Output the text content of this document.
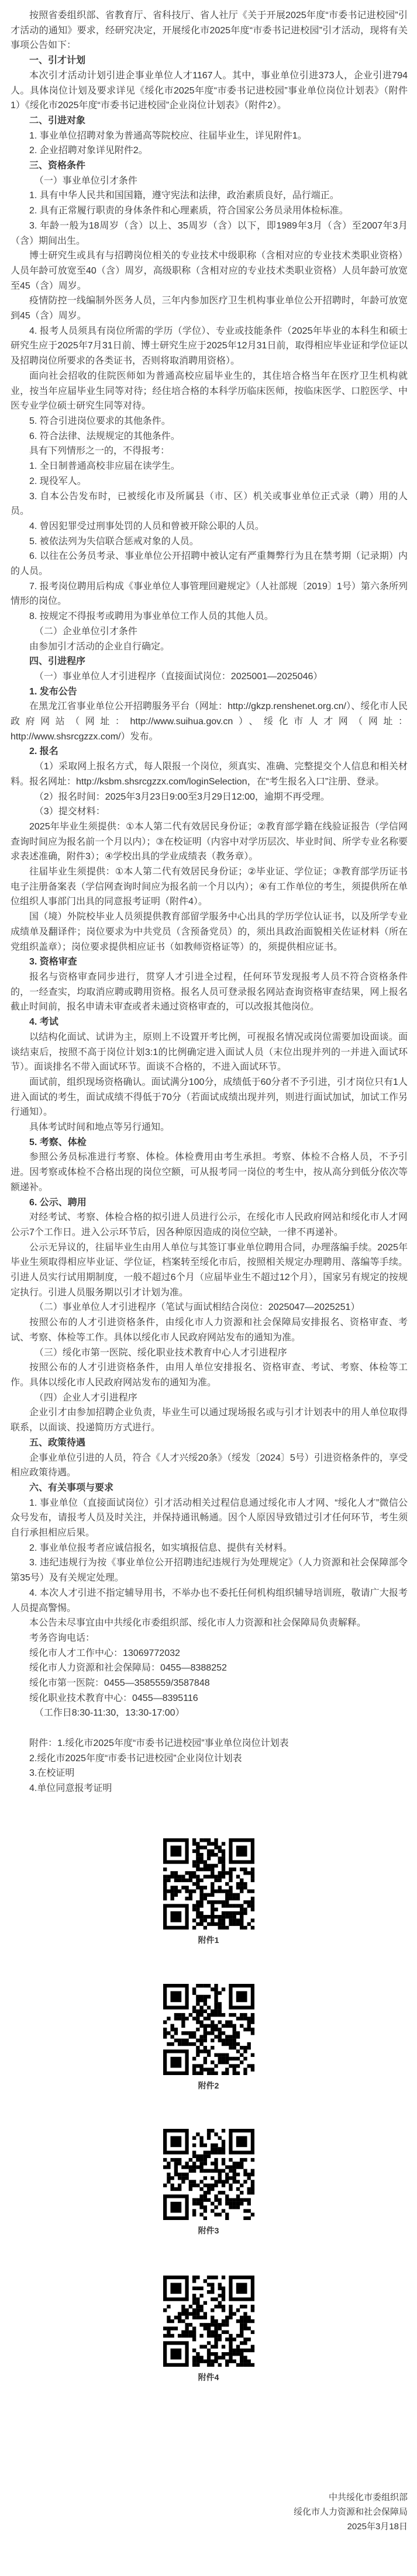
按照省委组织部、省教育厅、省科技厅、省人社厅《关于开展2025年度“市委书记进校园”引才活动的通知》要求，经研究决定，开展绥化市2025年度“市委书记进校园”引才活动，现将有关事项公告如下：

一、引才计划

本次引才活动计划引进企事业单位人才1167人。其中，事业单位引进373人，企业引进794人。具体岗位计划及要求详见《绥化市2025年度“市委书记进校园”事业单位岗位计划表》（附件1）《绥化市2025年度“市委书记进校园”企业岗位计划表》（附件2）。

二、引进对象

1. 事业单位招聘对象为普通高等院校应、往届毕业生，详见附件1。

2. 企业招聘对象详见附件2。

三、资格条件

（一）事业单位引才条件

1. 具有中华人民共和国国籍，遵守宪法和法律，政治素质良好，品行端正。

2. 具有正常履行职责的身体条件和心理素质，符合国家公务员录用体检标准。

3. 年龄一般为18周岁（含）以上、35周岁（含）以下，即1989年3月（含）至2007年3月（含）期间出生。

博士研究生或具有与招聘岗位相关的专业技术中级职称（含相对应的专业技术类职业资格）人员年龄可放宽至40（含）周岁，高级职称（含相对应的专业技术类职业资格）人员年龄可放宽至45（含）周岁。

疫情防控一线编制外医务人员，三年内参加医疗卫生机构事业单位公开招聘时，年龄可放宽到45（含）周岁。

4. 报考人员须具有岗位所需的学历（学位）、专业或技能条件（2025年毕业的本科生和硕士研究生应于2025年7月31日前、博士研究生应于2025年12月31日前，取得相应毕业证和学位证以及招聘岗位所要求的各类证书，否则将取消聘用资格）。

面向社会招收的住院医师如为普通高校应届毕业生的，其住培合格当年在医疗卫生机构就业，按当年应届毕业生同等对待；经住培合格的本科学历临床医师，按临床医学、口腔医学、中医专业学位硕士研究生同等对待。

5. 符合引进岗位要求的其他条件。

6. 符合法律、法规规定的其他条件。

具有下列情形之一的，不得报考：

1. 全日制普通高校非应届在读学生。

2. 现役军人。

3. 自本公告发布时，已被绥化市及所属县（市、区）机关或事业单位正式录（聘）用的人员。

4. 曾因犯罪受过刑事处罚的人员和曾被开除公职的人员。

5. 被依法列为失信联合惩戒对象的人员。

6. 以往在公务员考录、事业单位公开招聘中被认定有严重舞弊行为且在禁考期（记录期）内的人员。

7. 报考岗位聘用后构成《事业单位人事管理回避规定》（人社部规〔2019〕1号）第六条所列情形的岗位。

8. 按规定不得报考或聘用为事业单位工作人员的其他人员。

（二）企业单位引才条件

由参加引才活动的企业自行确定。

四、引进程序

（一）事业单位人才引进程序（直接面试岗位：2025001—2025046）

1. 发布公告

在黑龙江省事业单位公开招聘服务平台（网址：http://gkzp.renshenet.org.cn/）、绥化市人民政府网站（网址：http://www.suihua.gov.cn）、绥化市人才网（网址：http://www.shsrcgzzx.com/）发布。

2. 报名

（1）采取网上报名方式，每人限报一个岗位，须真实、准确、完整提交个人信息和相关材料。报名网址：http://ksbm.shsrcgzzx.com/loginSelection，在“考生报名入口”注册、登录。

（2）报名时间：2025年3月23日9:00至3月29日12:00，逾期不再受理。

（3）提交材料：

2025年毕业生须提供：①本人第二代有效居民身份证；②教育部学籍在线验证报告（学信网查询时间应为报名前一个月以内）；③在校证明（内容中对学历层次、毕业时间、所学专业名称要求表述准确，附件3）；④学校出具的学业成绩表（教务章）。

往届毕业生须提供：①本人第二代有效居民身份证；②毕业证、学位证；③教育部学历证书电子注册备案表（学信网查询时间应为报名前一个月以内）；④有工作单位的考生，须提供所在单位组织人事部门出具的同意报考证明（附件4）。

国（境）外院校毕业人员须提供教育部留学服务中心出具的学历学位认证书，以及所学专业成绩单及翻译件；岗位要求为中共党员（含预备党员）的，须出具政治面貌相关佐证材料（所在党组织盖章）；岗位要求提供相应证书（如教师资格证等）的，须提供相应证书。

3. 资格审查

报名与资格审查同步进行，贯穿人才引进全过程，任何环节发现报考人员不符合资格条件的，一经查实，均取消应聘或聘用资格。报名人员可登录报名网站查询资格审查结果，网上报名截止时间前，报名申请未审查或者未通过资格审查的，可以改报其他岗位。

4. 考试

以结构化面试、试讲为主，原则上不设置开考比例，可视报名情况或岗位需要加设面谈。面谈结束后，按照不高于岗位计划3:1的比例确定进入面试人员（末位出现并列的一并进入面试环节）。面谈排名不带入面试环节。面谈不合格的，不进入面试环节。

面试前，组织现场资格确认。面试满分100分，成绩低于60分者不予引进，引才岗位只有1人进入面试的考生，面试成绩不得低于70分（若面试成绩出现并列，则进行面试加试，加试工作另行通知）。

具体考试时间和地点等另行通知。

5. 考察、体检

参照公务员标准进行考察、体检。体检费用由考生承担。考察、体检不合格人员，不予引进。因考察或体检不合格出现的岗位空额，可从报考同一岗位的考生中，按从高分到低分依次等额递补。

6. 公示、聘用

对经考试、考察、体检合格的拟引进人员进行公示，在绥化市人民政府网站和绥化市人才网公示7个工作日。进入公示环节后，因各种原因造成的岗位空缺，一律不再递补。

公示无异议的，往届毕业生由用人单位与其签订事业单位聘用合同，办理落编手续。2025年毕业生须取得相应毕业证、学位证，档案转至绥化市后，按照相关规定办理聘用、落编等手续。引进人员实行试用期制度，一般不超过6个月（应届毕业生不超过12个月），国家另有规定的按规定执行。引进人员服务期以引才计划为准。

（二）事业单位人才引进程序（笔试与面试相结合岗位：2025047—2025251）

按照公布的人才引进资格条件，由绥化市人力资源和社会保障局安排报名、资格审查、考试、考察、体检等工作。具体以绥化市人民政府网站发布的通知为准。

（三）绥化市第一医院、绥化职业技术教育中心人才引进程序

按照公布的人才引进资格条件，由用人单位安排报名、资格审查、考试、考察、体检等工作。具体以绥化市人民政府网站发布的通知为准。

（四）企业人才引进程序

企业引才由参加招聘企业负责，毕业生可以通过现场报名或与引才计划表中的用人单位取得联系，以面谈、投递简历方式进行。

五、政策待遇

企事业单位引进的人员，符合《人才兴绥20条》（绥发〔2024〕5号）引进资格条件的，享受相应政策待遇。

六、有关事项与要求

1. 事业单位（直接面试岗位）引才活动相关过程信息通过绥化市人才网、“绥化人才”微信公众号发布，请报考人员及时关注，并保持通讯畅通。因个人原因导致错过引才任何环节，考生须自行承担相应后果。

2. 事业单位报考者应诚信报名，如实填报信息、提供有关材料。

3. 违纪违规行为按《事业单位公开招聘违纪违规行为处理规定》（人力资源和社会保障部令第35号）及有关规定处理。

4. 本次人才引进不指定辅导用书，不举办也不委托任何机构组织辅导培训班，敬请广大报考人员提高警惕。

本公告未尽事宜由中共绥化市委组织部、绥化市人力资源和社会保障局负责解释。

考务咨询电话：

绥化市人才工作中心：13069772032

绥化市人力资源和社会保障局：0455—8388252

绥化市第一医院：0455—3585559/3587848

绥化职业技术教育中心：0455—8395116

（工作日8:30-11:30，13:30-17:00）

附件：1.绥化市2025年度“市委书记进校园”事业单位岗位计划表

2.绥化市2025年度“市委书记进校园”企业岗位计划表

3.在校证明

4.单位同意报考证明

附件1
附件2
附件3
附件4
中共绥化市委组织部
绥化市人力资源和社会保障局
2025年3月18日
